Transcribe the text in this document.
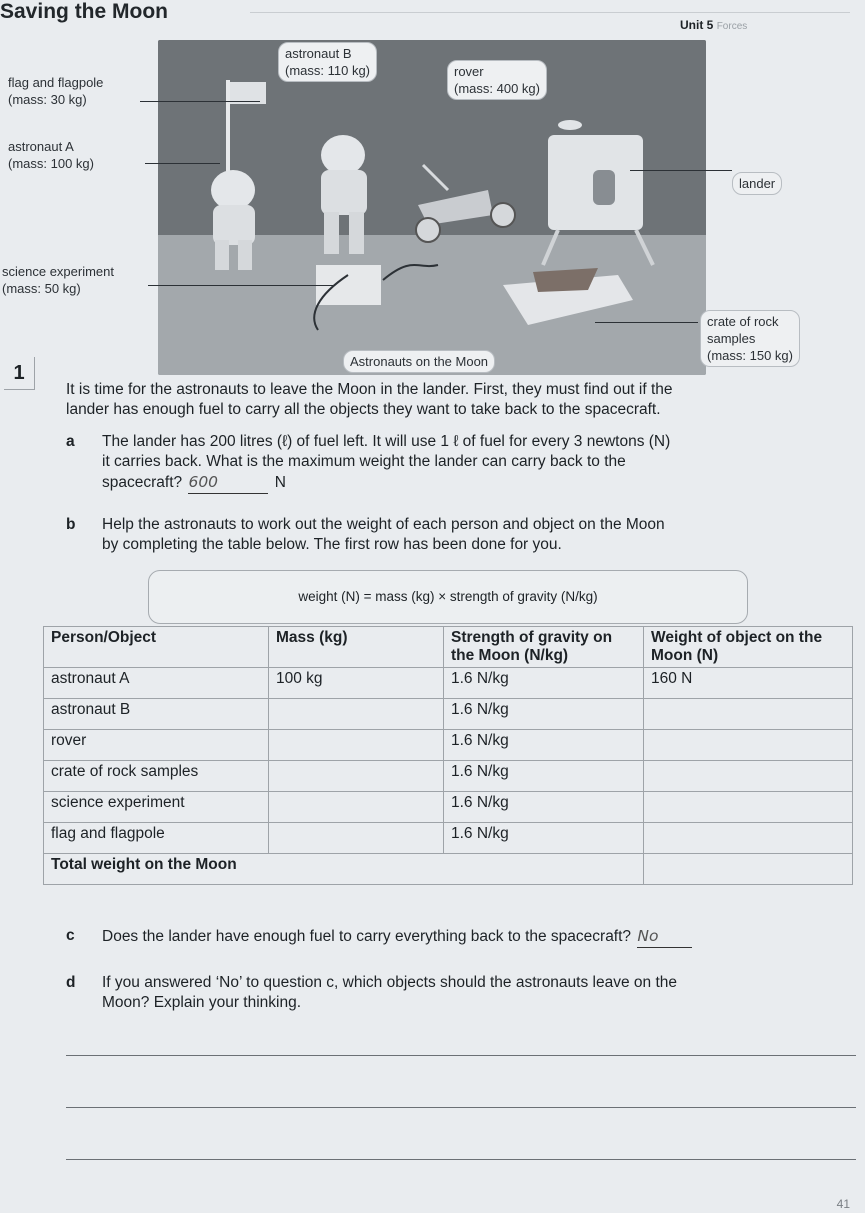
Saving the Moon
Unit 5 Forces
Astronauts on the Moon
flag and flagpole
(mass: 30 kg)
astronaut A
(mass: 100 kg)
science experiment
(mass: 50 kg)
astronaut B
(mass: 110 kg)	rover
(mass: 400 kg)
lander
crate of rock
samples
(mass: 150 kg)
1
It is time for the astronauts to leave the Moon in the lander. First, they must find out if the
lander has enough fuel to carry all the objects they want to take back to the spacecraft.
a The lander has 200 litres (ℓ) of fuel left. It will use 1 ℓ of fuel for every 3 newtons (N)
it carries back. What is the maximum weight the lander can carry back to the
spacecraft? 600	N
b Help the astronauts to work out the weight of each person and object on the Moon
by completing the table below. The first row has been done for you.
weight (N) = mass (kg) × strength of gravity (N/kg)
Person/Object	Mass (kg)	Strength of gravity on the Moon (N/kg)	Weight of object on the Moon (N)
astronaut A	100 kg	1.6 N/kg	160 N
astronaut B		1.6 N/kg	
rover		1.6 N/kg	
crate of rock samples		1.6 N/kg	
science experiment		1.6 N/kg	
flag and flagpole		1.6 N/kg	
Total weight on the Moon			
c Does the lander have enough fuel to carry everything back to the spacecraft? No
d If you answered ‘No’ to question c, which objects should the astronauts leave on the
Moon? Explain your thinking.
41
